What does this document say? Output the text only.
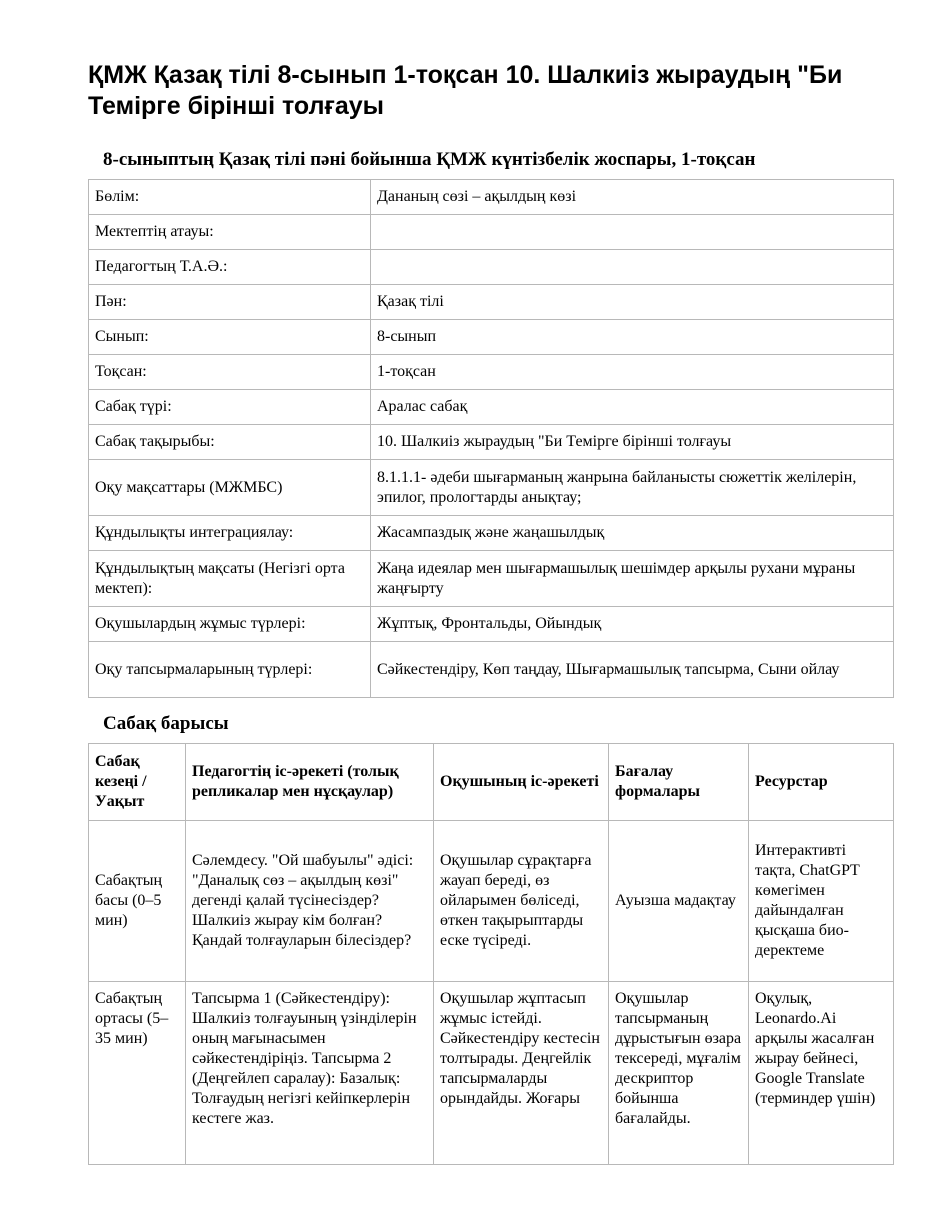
ҚМЖ Қазақ тілі 8-сынып 1-тоқсан 10. Шалкиіз жыраудың "Би Темірге бірінші толғауы
8-сыныптың Қазақ тілі пәні бойынша ҚМЖ күнтізбелік жоспары, 1-тоқсан
Бөлім:	Дананың сөзі – ақылдың көзі
Мектептің атауы:	
Педагогтың Т.А.Ә.:	
Пән:	Қазақ тілі
Сынып:	8-сынып
Тоқсан:	1-тоқсан
Сабақ түрі:	Аралас сабақ
Сабақ тақырыбы:	10. Шалкиіз жыраудың "Би Темірге бірінші толғауы
Оқу мақсаттары (МЖМБС)	8.1.1.1- әдеби шығарманың жанрына байланысты сюжеттік желілерін, эпилог, прологтарды анықтау;
Құндылықты интеграциялау:	Жасампаздық және жаңашылдық
Құндылықтың мақсаты (Негізгі орта мектеп):	Жаңа идеялар мен шығармашылық шешімдер арқылы рухани мұраны жаңғырту
Оқушылардың жұмыс түрлері:	Жұптық, Фронтальды, Ойындық
Оқу тапсырмаларының түрлері:	Сәйкестендіру, Көп таңдау, Шығармашылық тапсырма, Сыни ойлау
Сабақ барысы
Сабақ кезеңі / Уақыт	Педагогтің іс-әрекеті (толық репликалар мен нұсқаулар)	Оқушының іс-әрекеті	Бағалау формалары	Ресурстар
Сабақтың басы (0–5 мин)	Сәлемдесу. "Ой шабуылы" әдісі: "Даналық сөз – ақылдың көзі" дегенді қалай түсінесіздер? Шалкиіз жырау кім болған? Қандай толғауларын білесіздер?	Оқушылар сұрақтарға жауап береді, өз ойларымен бөліседі, өткен тақырыптарды еске түсіреді.	Ауызша мадақтау	Интерактивті тақта, ChatGPT көмегімен дайындалған қысқаша био-деректеме
Сабақтың ортасы (5–35 мин)	Тапсырма 1 (Сәйкестендіру): Шалкиіз толғауының үзінділерін оның мағынасымен сәйкестендіріңіз. Тапсырма 2 (Деңгейлеп саралау): Базалық: Толғаудың негізгі кейіпкерлерін кестеге жаз.	Оқушылар жұптасып жұмыс істейді. Сәйкестендіру кестесін толтырады. Деңгейлік тапсырмаларды орындайды. Жоғары	Оқушылар тапсырманың дұрыстығын өзара тексереді, мұғалім дескриптор бойынша бағалайды.	Оқулық, Leonardo.Ai арқылы жасалған жырау бейнесі, Google Translate (терминдер үшін)
